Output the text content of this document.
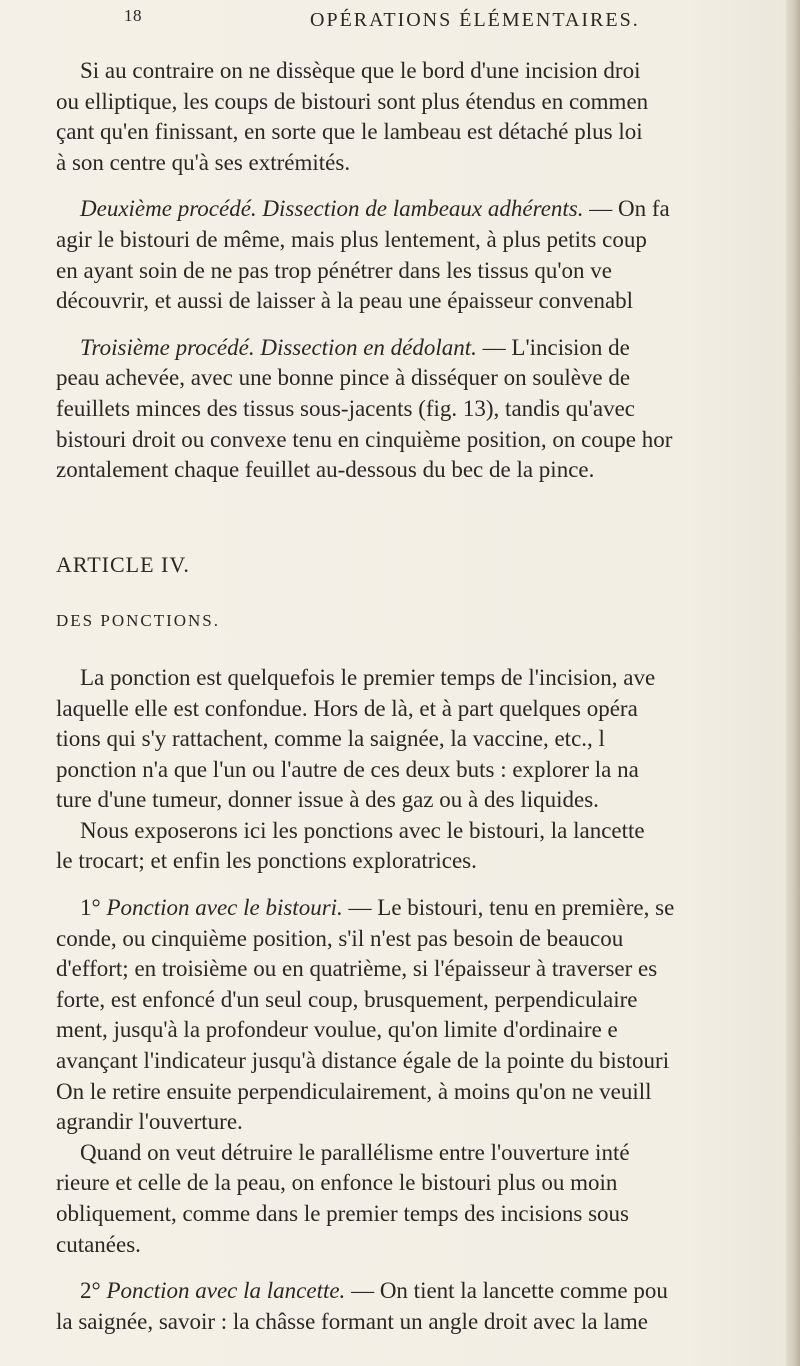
18	OPÉRATIONS ÉLÉMENTAIRES.
Si au contraire on ne dissèque que le bord d'une incision droi
ou elliptique, les coups de bistouri sont plus étendus en commen
çant qu'en finissant, en sorte que le lambeau est détaché plus loi
à son centre qu'à ses extrémités.
Deuxième procédé. Dissection de lambeaux adhérents. — On fa
agir le bistouri de même, mais plus lentement, à plus petits coup
en ayant soin de ne pas trop pénétrer dans les tissus qu'on ve
découvrir, et aussi de laisser à la peau une épaisseur convenabl
Troisième procédé. Dissection en dédolant. — L'incision de
peau achevée, avec une bonne pince à disséquer on soulève de
feuillets minces des tissus sous-jacents (fig. 13), tandis qu'avec
bistouri droit ou convexe tenu en cinquième position, on coupe hor
zontalement chaque feuillet au-dessous du bec de la pince.

ARTICLE IV.

DES PONCTIONS.

La ponction est quelquefois le premier temps de l'incision, ave
laquelle elle est confondue. Hors de là, et à part quelques opéra
tions qui s'y rattachent, comme la saignée, la vaccine, etc., l
ponction n'a que l'un ou l'autre de ces deux buts : explorer la na
ture d'une tumeur, donner issue à des gaz ou à des liquides.
Nous exposerons ici les ponctions avec le bistouri, la lancette
le trocart; et enfin les ponctions exploratrices.
1° Ponction avec le bistouri. — Le bistouri, tenu en première, se
conde, ou cinquième position, s'il n'est pas besoin de beaucou
d'effort; en troisième ou en quatrième, si l'épaisseur à traverser es
forte, est enfoncé d'un seul coup, brusquement, perpendiculaire
ment, jusqu'à la profondeur voulue, qu'on limite d'ordinaire e
avançant l'indicateur jusqu'à distance égale de la pointe du bistouri
On le retire ensuite perpendiculairement, à moins qu'on ne veuill
agrandir l'ouverture.
Quand on veut détruire le parallélisme entre l'ouverture inté
rieure et celle de la peau, on enfonce le bistouri plus ou moin
obliquement, comme dans le premier temps des incisions sous
cutanées.
2° Ponction avec la lancette. — On tient la lancette comme pou
la saignée, savoir : la châsse formant un angle droit avec la lame
